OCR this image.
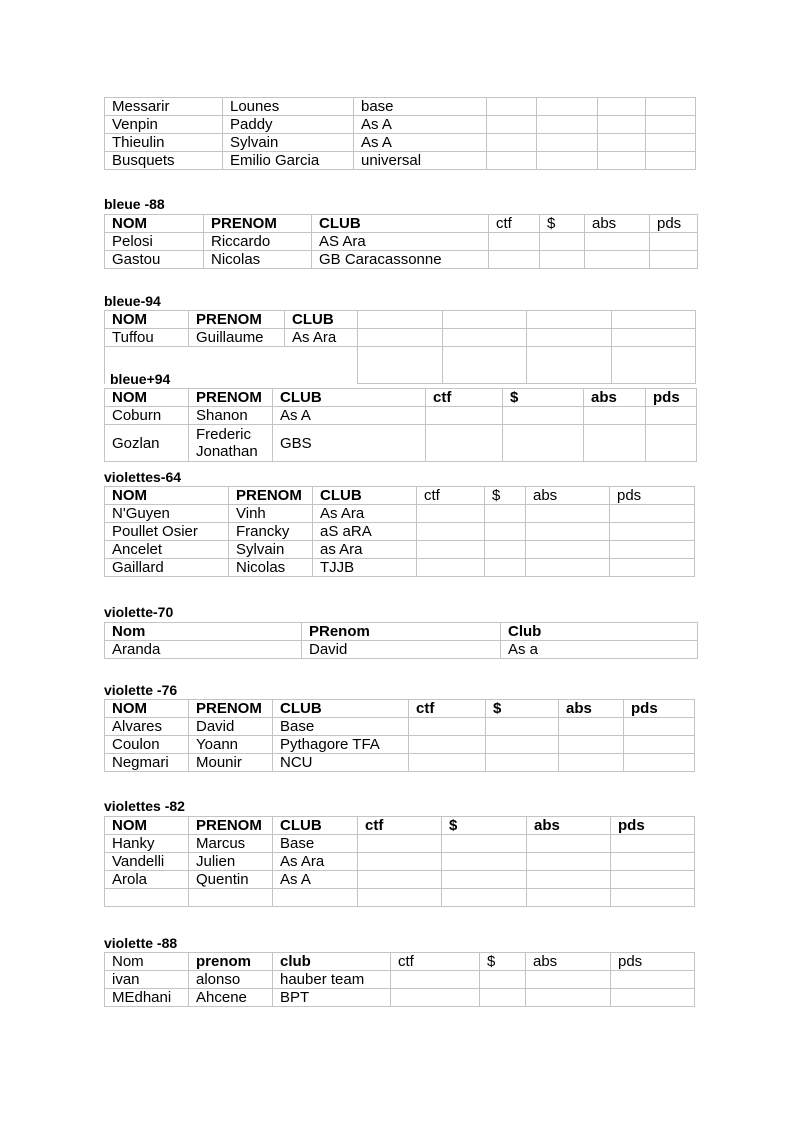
Messarir	Lounes	base				
Venpin	Paddy	As A				
Thieulin	Sylvain	As A				
Busquets	Emilio Garcia	universal				
bleue -88
NOM	PRENOM	CLUB	ctf	$	abs	pds
Pelosi	Riccardo	AS Ara				
Gastou	Nicolas	GB Caracassonne				
bleue-94
NOM	PRENOM	CLUB				
Tuffou	Guillaume	As Ara				

bleue+94
NOM	PRENOM	CLUB	ctf	$	abs	pds
Coburn	Shanon	As A				
Gozlan	Frederic Jonathan	GBS				
violettes-64
NOM	PRENOM	CLUB	ctf	$	abs	pds
N'Guyen	Vinh	As Ara				
Poullet Osier	Francky	aS aRA				
Ancelet	Sylvain	as Ara				
Gaillard	Nicolas	TJJB				
violette-70
Nom	PRenom	Club
Aranda	David	As a
violette -76
NOM	PRENOM	CLUB	ctf	$	abs	pds
Alvares	David	Base				
Coulon	Yoann	Pythagore TFA				
Negmari	Mounir	NCU				
violettes -82
NOM	PRENOM	CLUB	ctf	$	abs	pds
Hanky	Marcus	Base				
Vandelli	Julien	As Ara				
Arola	Quentin	As A				

violette -88
Nom	prenom	club	ctf	$	abs	pds
ivan	alonso	hauber team				
MEdhani	Ahcene	BPT				
